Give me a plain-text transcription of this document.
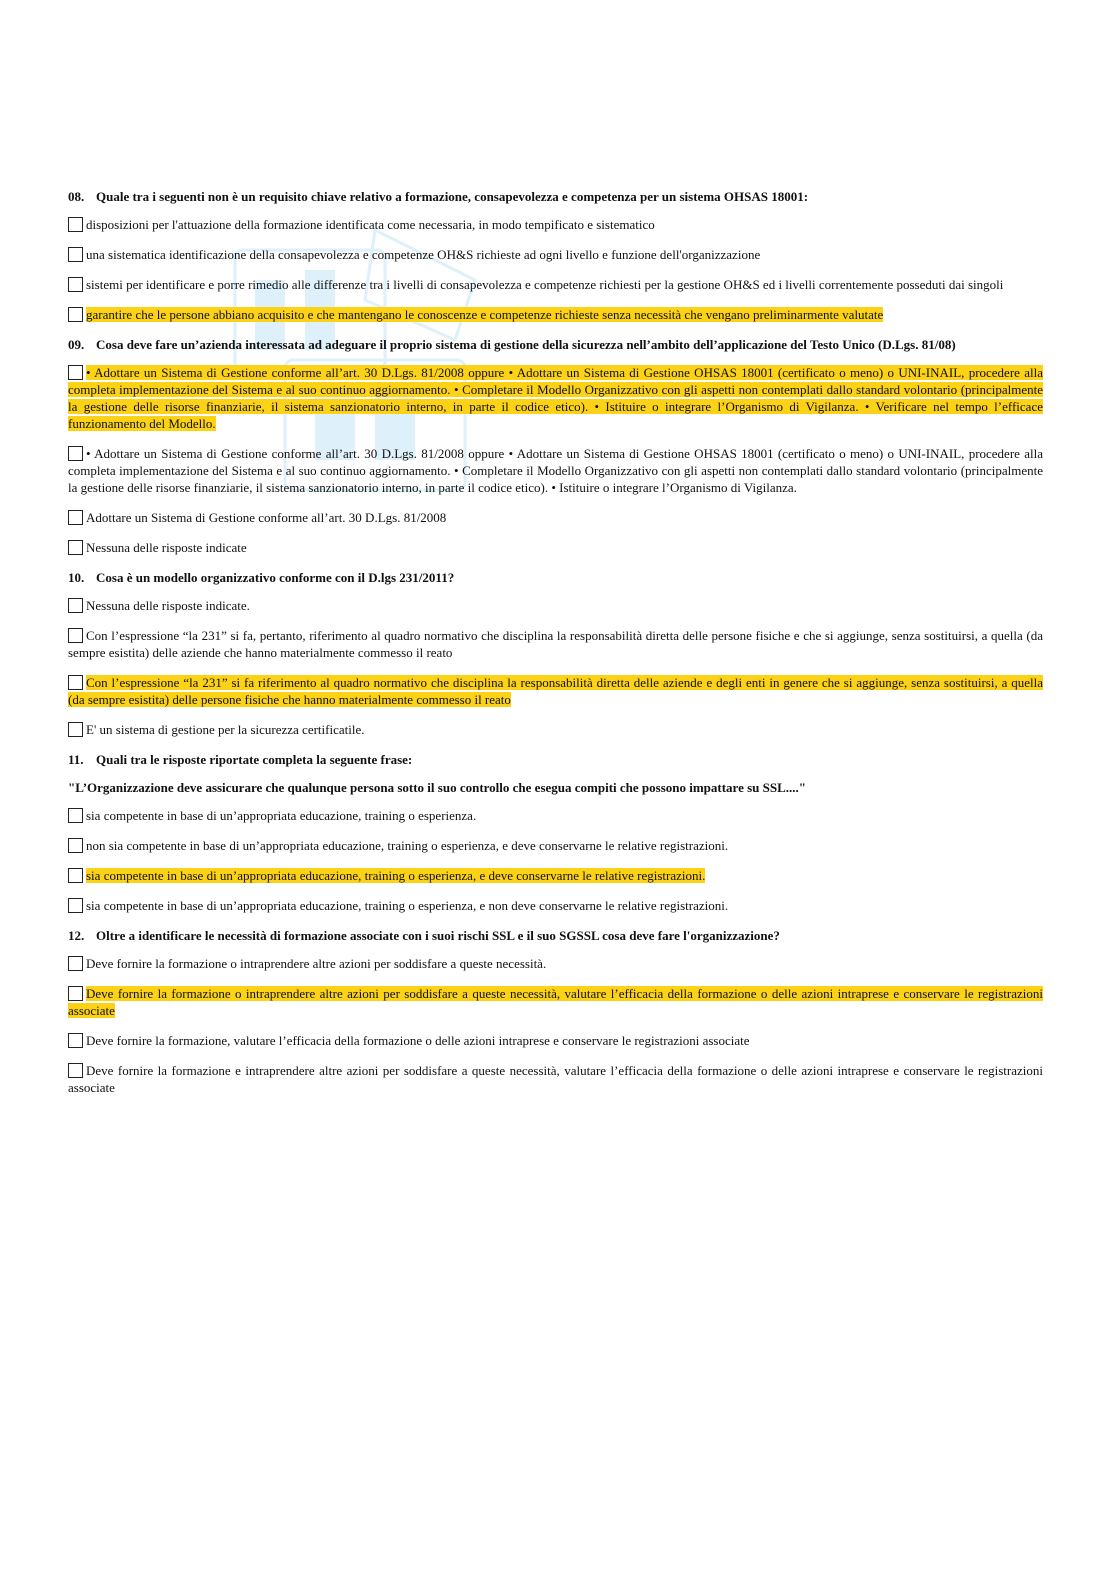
08. Quale tra i seguenti non è un requisito chiave relativo a formazione, consapevolezza e competenza per un sistema OHSAS 18001:
disposizioni per l'attuazione della formazione identificata come necessaria, in modo tempificato e sistematico
una sistematica identificazione della consapevolezza e competenze OH&S richieste ad ogni livello e funzione dell'organizzazione
sistemi per identificare e porre rimedio alle differenze tra i livelli di consapevolezza e competenze richiesti per la gestione OH&S ed i livelli correntemente posseduti dai singoli
garantire che le persone abbiano acquisito e che mantengano le conoscenze e competenze richieste senza necessità che vengano preliminarmente valutate
09. Cosa deve fare un’azienda interessata ad adeguare il proprio sistema di gestione della sicurezza nell’ambito dell’applicazione del Testo Unico (D.Lgs. 81/08)
• Adottare un Sistema di Gestione conforme all’art. 30 D.Lgs. 81/2008 oppure • Adottare un Sistema di Gestione OHSAS 18001 (certificato o meno) o UNI-INAIL, procedere alla completa implementazione del Sistema e al suo continuo aggiornamento. • Completare il Modello Organizzativo con gli aspetti non contemplati dallo standard volontario (principalmente la gestione delle risorse finanziarie, il sistema sanzionatorio interno, in parte il codice etico). • Istituire o integrare l’Organismo di Vigilanza. • Verificare nel tempo l’efficace funzionamento del Modello.
• Adottare un Sistema di Gestione conforme all’art. 30 D.Lgs. 81/2008 oppure • Adottare un Sistema di Gestione OHSAS 18001 (certificato o meno) o UNI-INAIL, procedere alla completa implementazione del Sistema e al suo continuo aggiornamento. • Completare il Modello Organizzativo con gli aspetti non contemplati dallo standard volontario (principalmente la gestione delle risorse finanziarie, il sistema sanzionatorio interno, in parte il codice etico). • Istituire o integrare l’Organismo di Vigilanza.
Adottare un Sistema di Gestione conforme all’art. 30 D.Lgs. 81/2008
Nessuna delle risposte indicate
10. Cosa è un modello organizzativo conforme con il D.lgs 231/2011?
Nessuna delle risposte indicate.
Con l’espressione “la 231” si fa, pertanto, riferimento al quadro normativo che disciplina la responsabilità diretta delle persone fisiche e che si aggiunge, senza sostituirsi, a quella (da sempre esistita) delle aziende che hanno materialmente commesso il reato
Con l’espressione “la 231” si fa riferimento al quadro normativo che disciplina la responsabilità diretta delle aziende e degli enti in genere che si aggiunge, senza sostituirsi, a quella (da sempre esistita) delle persone fisiche che hanno materialmente commesso il reato
E' un sistema di gestione per la sicurezza certificatile.
11. Quali tra le risposte riportate completa la seguente frase:
"L’Organizzazione deve assicurare che qualunque persona sotto il suo controllo che esegua compiti che possono impattare su SSL...."
sia competente in base di un’appropriata educazione, training o esperienza.
non sia competente in base di un’appropriata educazione, training o esperienza, e deve conservarne le relative registrazioni.
sia competente in base di un’appropriata educazione, training o esperienza, e deve conservarne le relative registrazioni.
sia competente in base di un’appropriata educazione, training o esperienza, e non deve conservarne le relative registrazioni.
12. Oltre a identificare le necessità di formazione associate con i suoi rischi SSL e il suo SGSSL cosa deve fare l'organizzazione?
Deve fornire la formazione o intraprendere altre azioni per soddisfare a queste necessità.
Deve fornire la formazione o intraprendere altre azioni per soddisfare a queste necessità, valutare l’efficacia della formazione o delle azioni intraprese e conservare le registrazioni associate
Deve fornire la formazione, valutare l’efficacia della formazione o delle azioni intraprese e conservare le registrazioni associate
Deve fornire la formazione e intraprendere altre azioni per soddisfare a queste necessità, valutare l’efficacia della formazione o delle azioni intraprese e conservare le registrazioni associate
